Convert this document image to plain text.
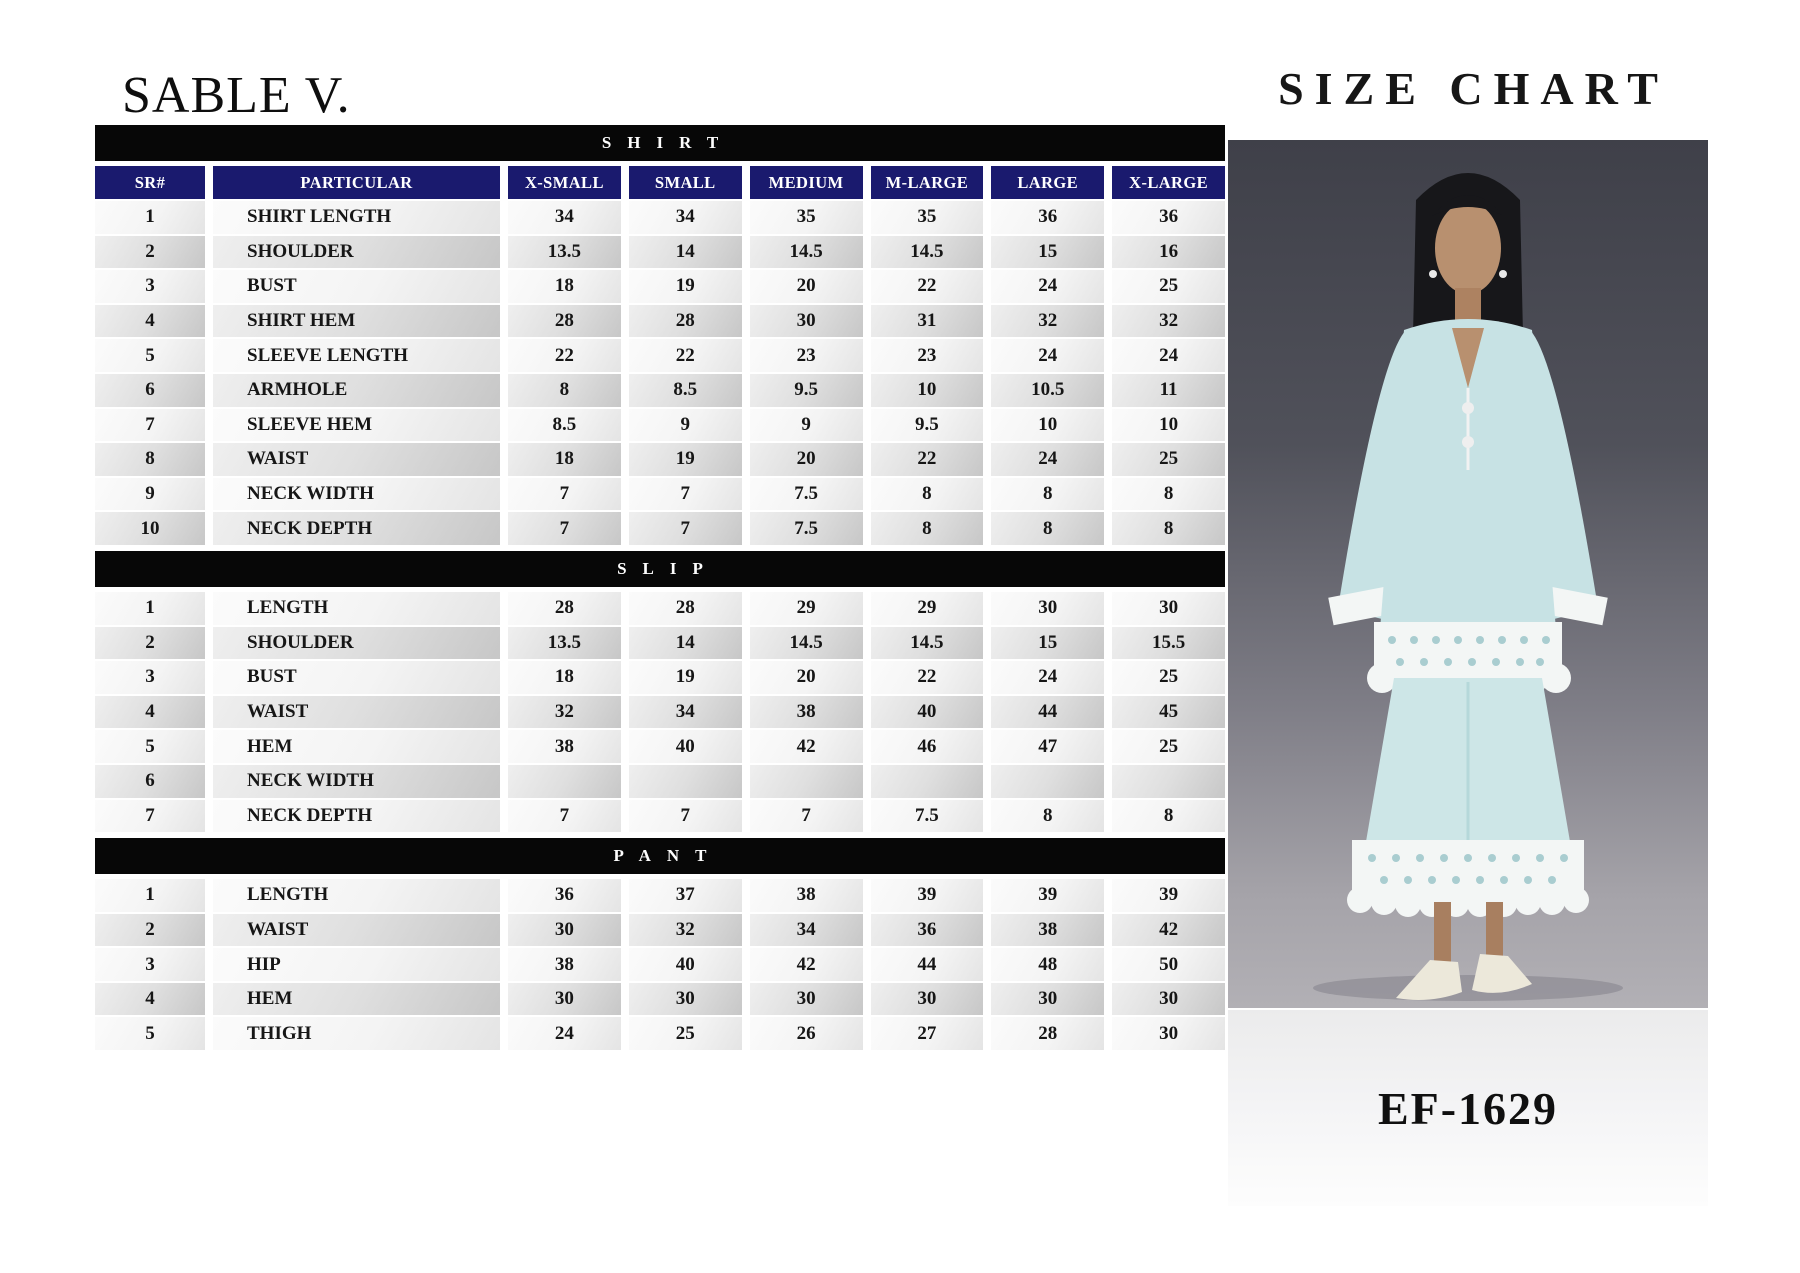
SABLE V.	SIZE CHART
SHIRT
SR#	PARTICULAR	X-SMALL	SMALL	MEDIUM	M-LARGE	LARGE	X-LARGE
1	SHIRT LENGTH	34	34	35	35	36	36
2	SHOULDER	13.5	14	14.5	14.5	15	16
3	BUST	18	19	20	22	24	25
4	SHIRT HEM	28	28	30	31	32	32
5	SLEEVE LENGTH	22	22	23	23	24	24
6	ARMHOLE	8	8.5	9.5	10	10.5	11
7	SLEEVE HEM	8.5	9	9	9.5	10	10
8	WAIST	18	19	20	22	24	25
9	NECK WIDTH	7	7	7.5	8	8	8
10	NECK DEPTH	7	7	7.5	8	8	8
SLIP
1	LENGTH	28	28	29	29	30	30
2	SHOULDER	13.5	14	14.5	14.5	15	15.5
3	BUST	18	19	20	22	24	25
4	WAIST	32	34	38	40	44	45
5	HEM	38	40	42	46	47	25
6	NECK WIDTH
7	NECK DEPTH	7	7	7	7.5	8	8
PANT
1	LENGTH	36	37	38	39	39	39
2	WAIST	30	32	34	36	38	42
3	HIP	38	40	42	44	48	50
4	HEM	30	30	30	30	30	30
5	THIGH	24	25	26	27	28	30
EF-1629
